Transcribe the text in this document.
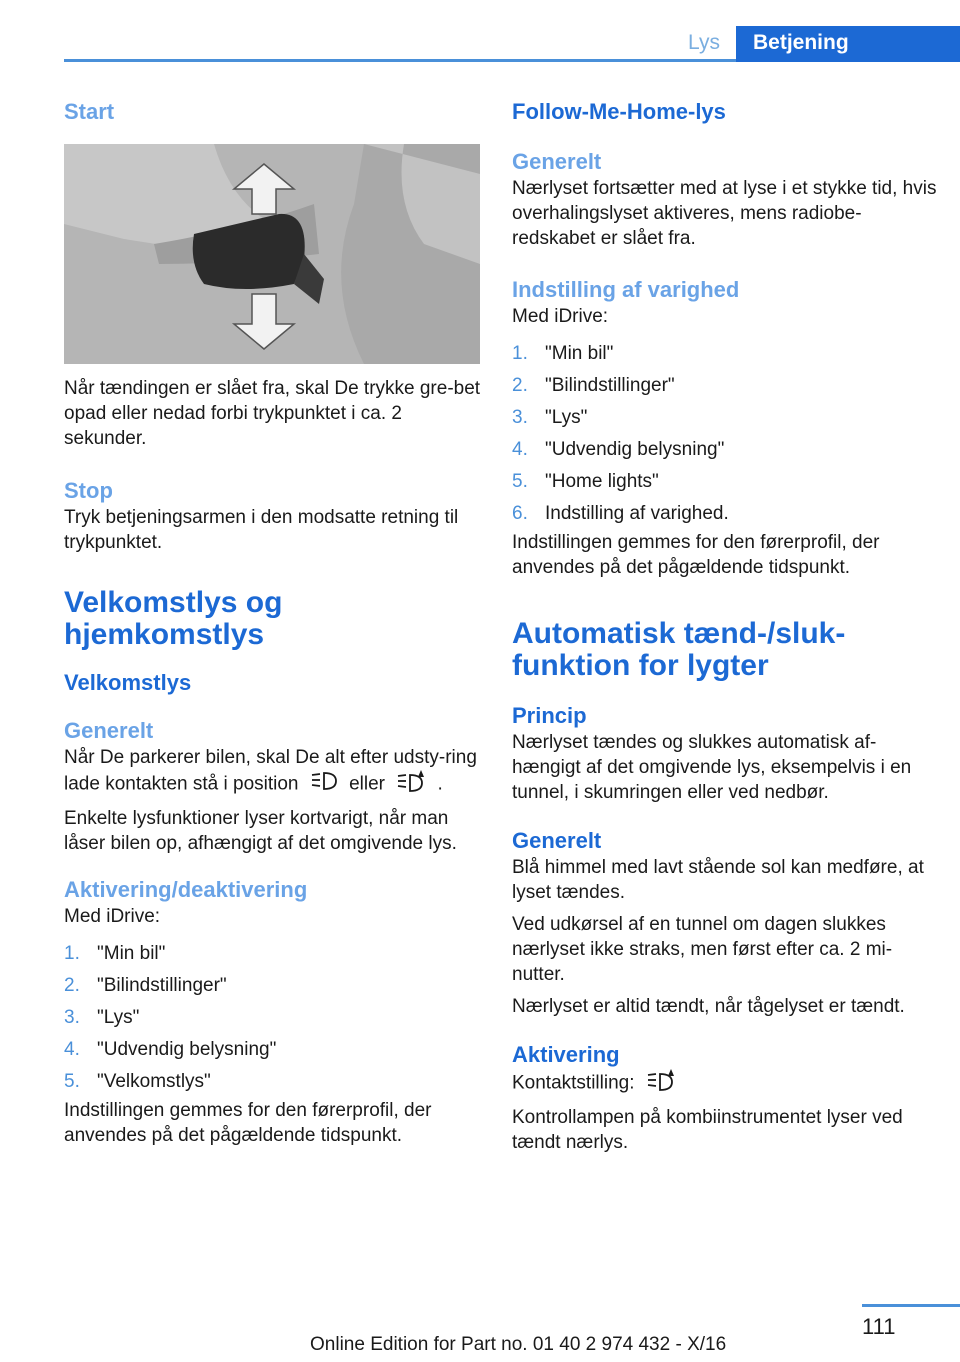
Lys	Betjening
Start

Når tændingen er slået fra, skal De trykke gre-bet opad eller nedad forbi trykpunktet i ca. 2 sekunder.

Stop

Tryk betjeningsarmen i den modsatte retning til trykpunktet.

Velkomstlys og hjemkomstlys
Velkomstlys
Generelt

Når De parkerer bilen, skal De alt efter udsty-ring lade kontakten stå i position	eller	.

Enkelte lysfunktioner lyser kortvarigt, når man låser bilen op, afhængigt af det omgivende lys.

Aktivering/deaktivering

Med iDrive:

1. "Min bil"
2. "Bilindstillinger"
3. "Lys"
4. "Udvendig belysning"
5. "Velkomstlys"

Indstillingen gemmes for den førerprofil, der anvendes på det pågældende tidspunkt.

Follow-Me-Home-lys
Generelt

Nærlyset fortsætter med at lyse i et stykke tid, hvis overhalingslyset aktiveres, mens radiobe-redskabet er slået fra.

Indstilling af varighed

Med iDrive:

1. "Min bil"
2. "Bilindstillinger"
3. "Lys"
4. "Udvendig belysning"
5. "Home lights"
6. Indstilling af varighed.

Indstillingen gemmes for den førerprofil, der anvendes på det pågældende tidspunkt.

Automatisk tænd-/sluk-funktion for lygter
Princip

Nærlyset tændes og slukkes automatisk af-hængigt af det omgivende lys, eksempelvis i en tunnel, i skumringen eller ved nedbør.

Generelt

Blå himmel med lavt stående sol kan medføre, at lyset tændes.

Ved udkørsel af en tunnel om dagen slukkes nærlyset ikke straks, men først efter ca. 2 mi-nutter.

Nærlyset er altid tændt, når tågelyset er tændt.

Aktivering

Kontaktstilling:

Kontrollampen på kombiinstrumentet lyser ved tændt nærlys.

111
Online Edition for Part no. 01 40 2 974 432 - X/16
